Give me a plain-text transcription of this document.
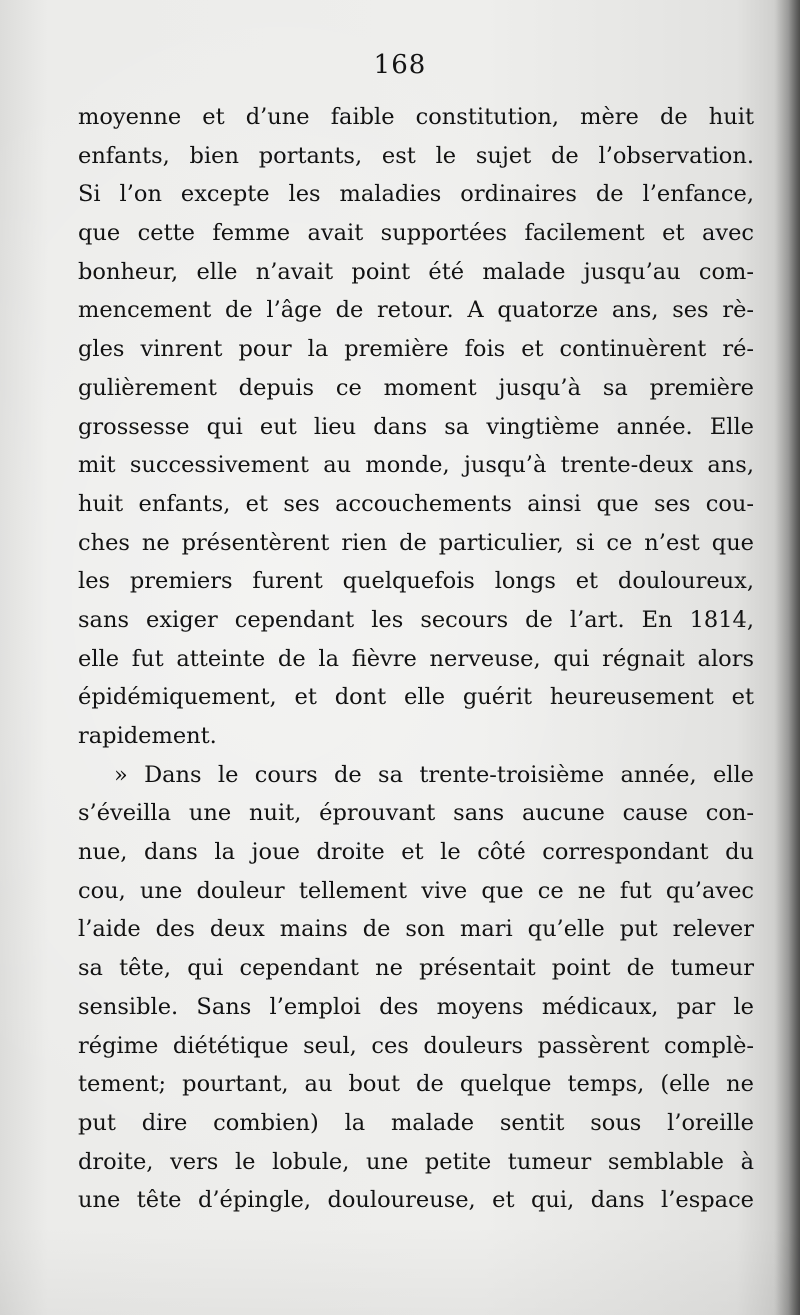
168
moyenne et d’une faible constitution, mère de huit
enfants, bien portants, est le sujet de l’observation.
Si l’on excepte les maladies ordinaires de l’enfance,
que cette femme avait supportées facilement et avec
bonheur, elle n’avait point été malade jusqu’au com-
mencement de l’âge de retour. A quatorze ans, ses rè-
gles vinrent pour la première fois et continuèrent ré-
gulièrement depuis ce moment jusqu’à sa première
grossesse qui eut lieu dans sa vingtième année. Elle
mit successivement au monde, jusqu’à trente-deux ans,
huit enfants, et ses accouchements ainsi que ses cou-
ches ne présentèrent rien de particulier, si ce n’est que
les premiers furent quelquefois longs et douloureux,
sans exiger cependant les secours de l’art. En 1814,
elle fut atteinte de la fièvre nerveuse, qui régnait alors
épidémiquement, et dont elle guérit heureusement et
rapidement.
» Dans le cours de sa trente-troisième année, elle
s’éveilla une nuit, éprouvant sans aucune cause con-
nue, dans la joue droite et le côté correspondant du
cou, une douleur tellement vive que ce ne fut qu’avec
l’aide des deux mains de son mari qu’elle put relever
sa tête, qui cependant ne présentait point de tumeur
sensible. Sans l’emploi des moyens médicaux, par le
régime diététique seul, ces douleurs passèrent complè-
tement; pourtant, au bout de quelque temps, (elle ne
put dire combien) la malade sentit sous l’oreille
droite, vers le lobule, une petite tumeur semblable à
une tête d’épingle, douloureuse, et qui, dans l’espace
